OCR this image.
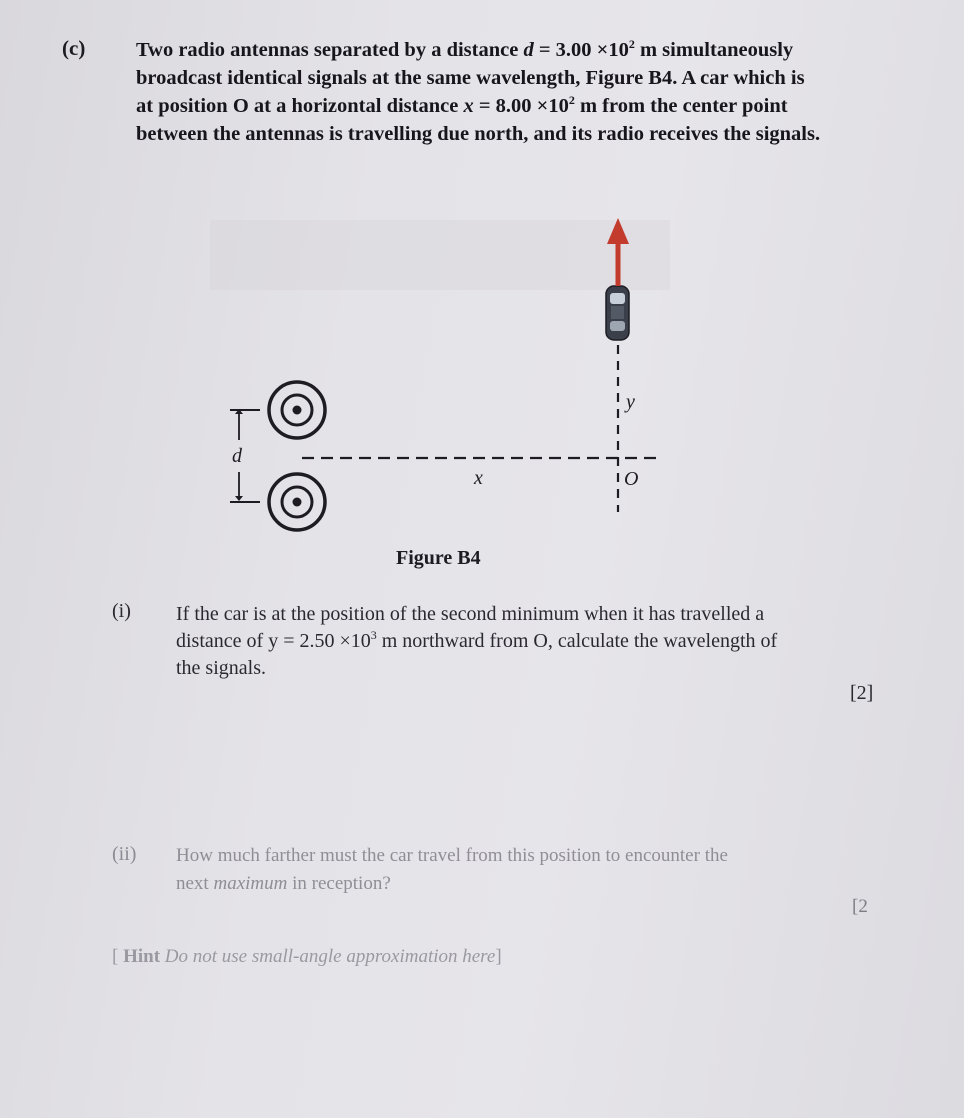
(c) Two radio antennas separated by a distance $d = 3.00 \times 10^2$ m simultaneously
broadcast identical signals at the same wavelength, Figure B4. A car which is
at position O at a horizontal distance $x = 8.00 \times 10^2$ m from the center point
between the antennas is travelling due north, and its radio receives the signals.
d
x
y
O
Figure B4
(i) If the car is at the position of the second minimum when it has travelled a
distance of $y = 2.50 \times 10^3$ m northward from O, calculate the wavelength of
the signals.
[2]
(ii) How much farther must the car travel from this position to encounter the
next maximum in reception?
[2
[ Hint Do not use small-angle approximation here]
